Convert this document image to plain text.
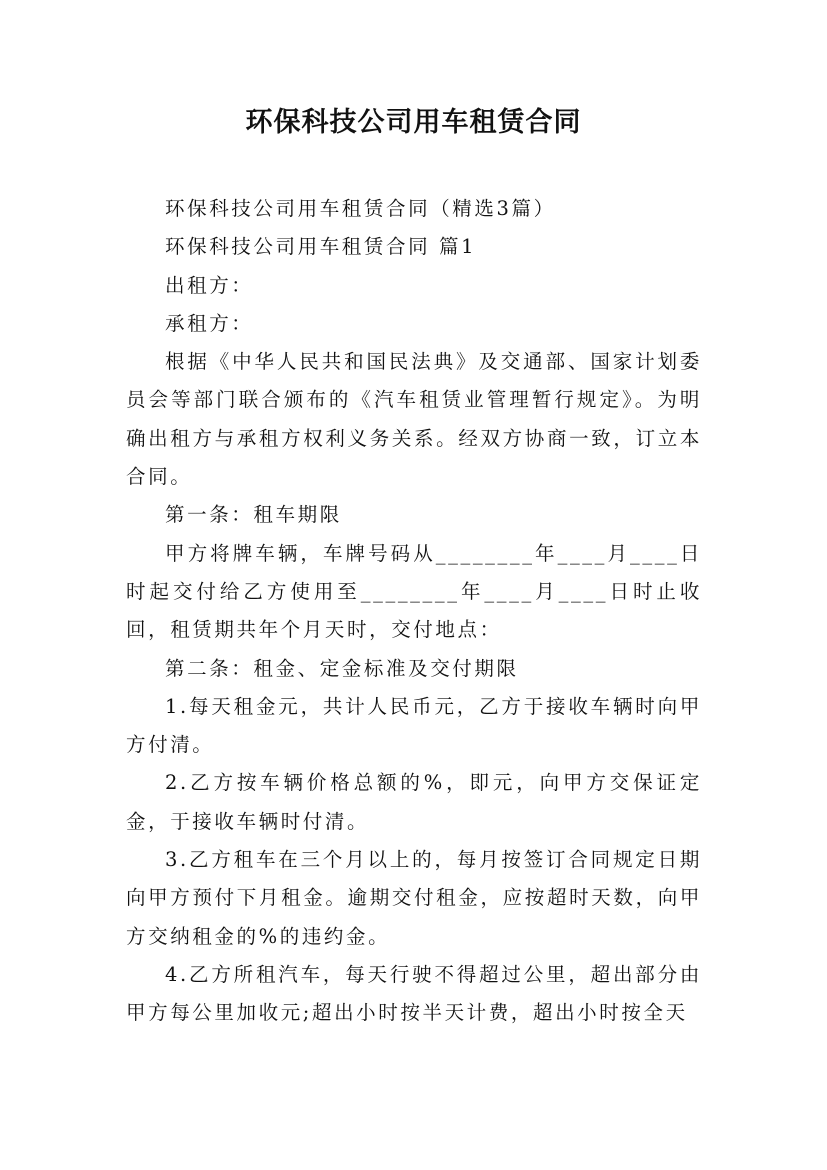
环保科技公司用车租赁合同

环保科技公司用车租赁合同（精选3篇）

环保科技公司用车租赁合同 篇1

出租方：

承租方：

根据《中华人民共和国民法典》及交通部、国家计划委员会等部门联合颁布的《汽车租赁业管理暂行规定》。为明确出租方与承租方权利义务关系。经双方协商一致，订立本合同。

第一条：租车期限

甲方将牌车辆，车牌号码从________年____月____日时起交付给乙方使用至________年____月____日时止收回，租赁期共年个月天时，交付地点：

第二条：租金、定金标准及交付期限

1.每天租金元，共计人民币元，乙方于接收车辆时向甲方付清。

2.乙方按车辆价格总额的%，即元，向甲方交保证定金，于接收车辆时付清。

3.乙方租车在三个月以上的，每月按签订合同规定日期向甲方预付下月租金。逾期交付租金，应按超时天数，向甲方交纳租金的%的违约金。

4.乙方所租汽车，每天行驶不得超过公里，超出部分由甲方每公里加收元;超出小时按半天计费，超出小时按全天
